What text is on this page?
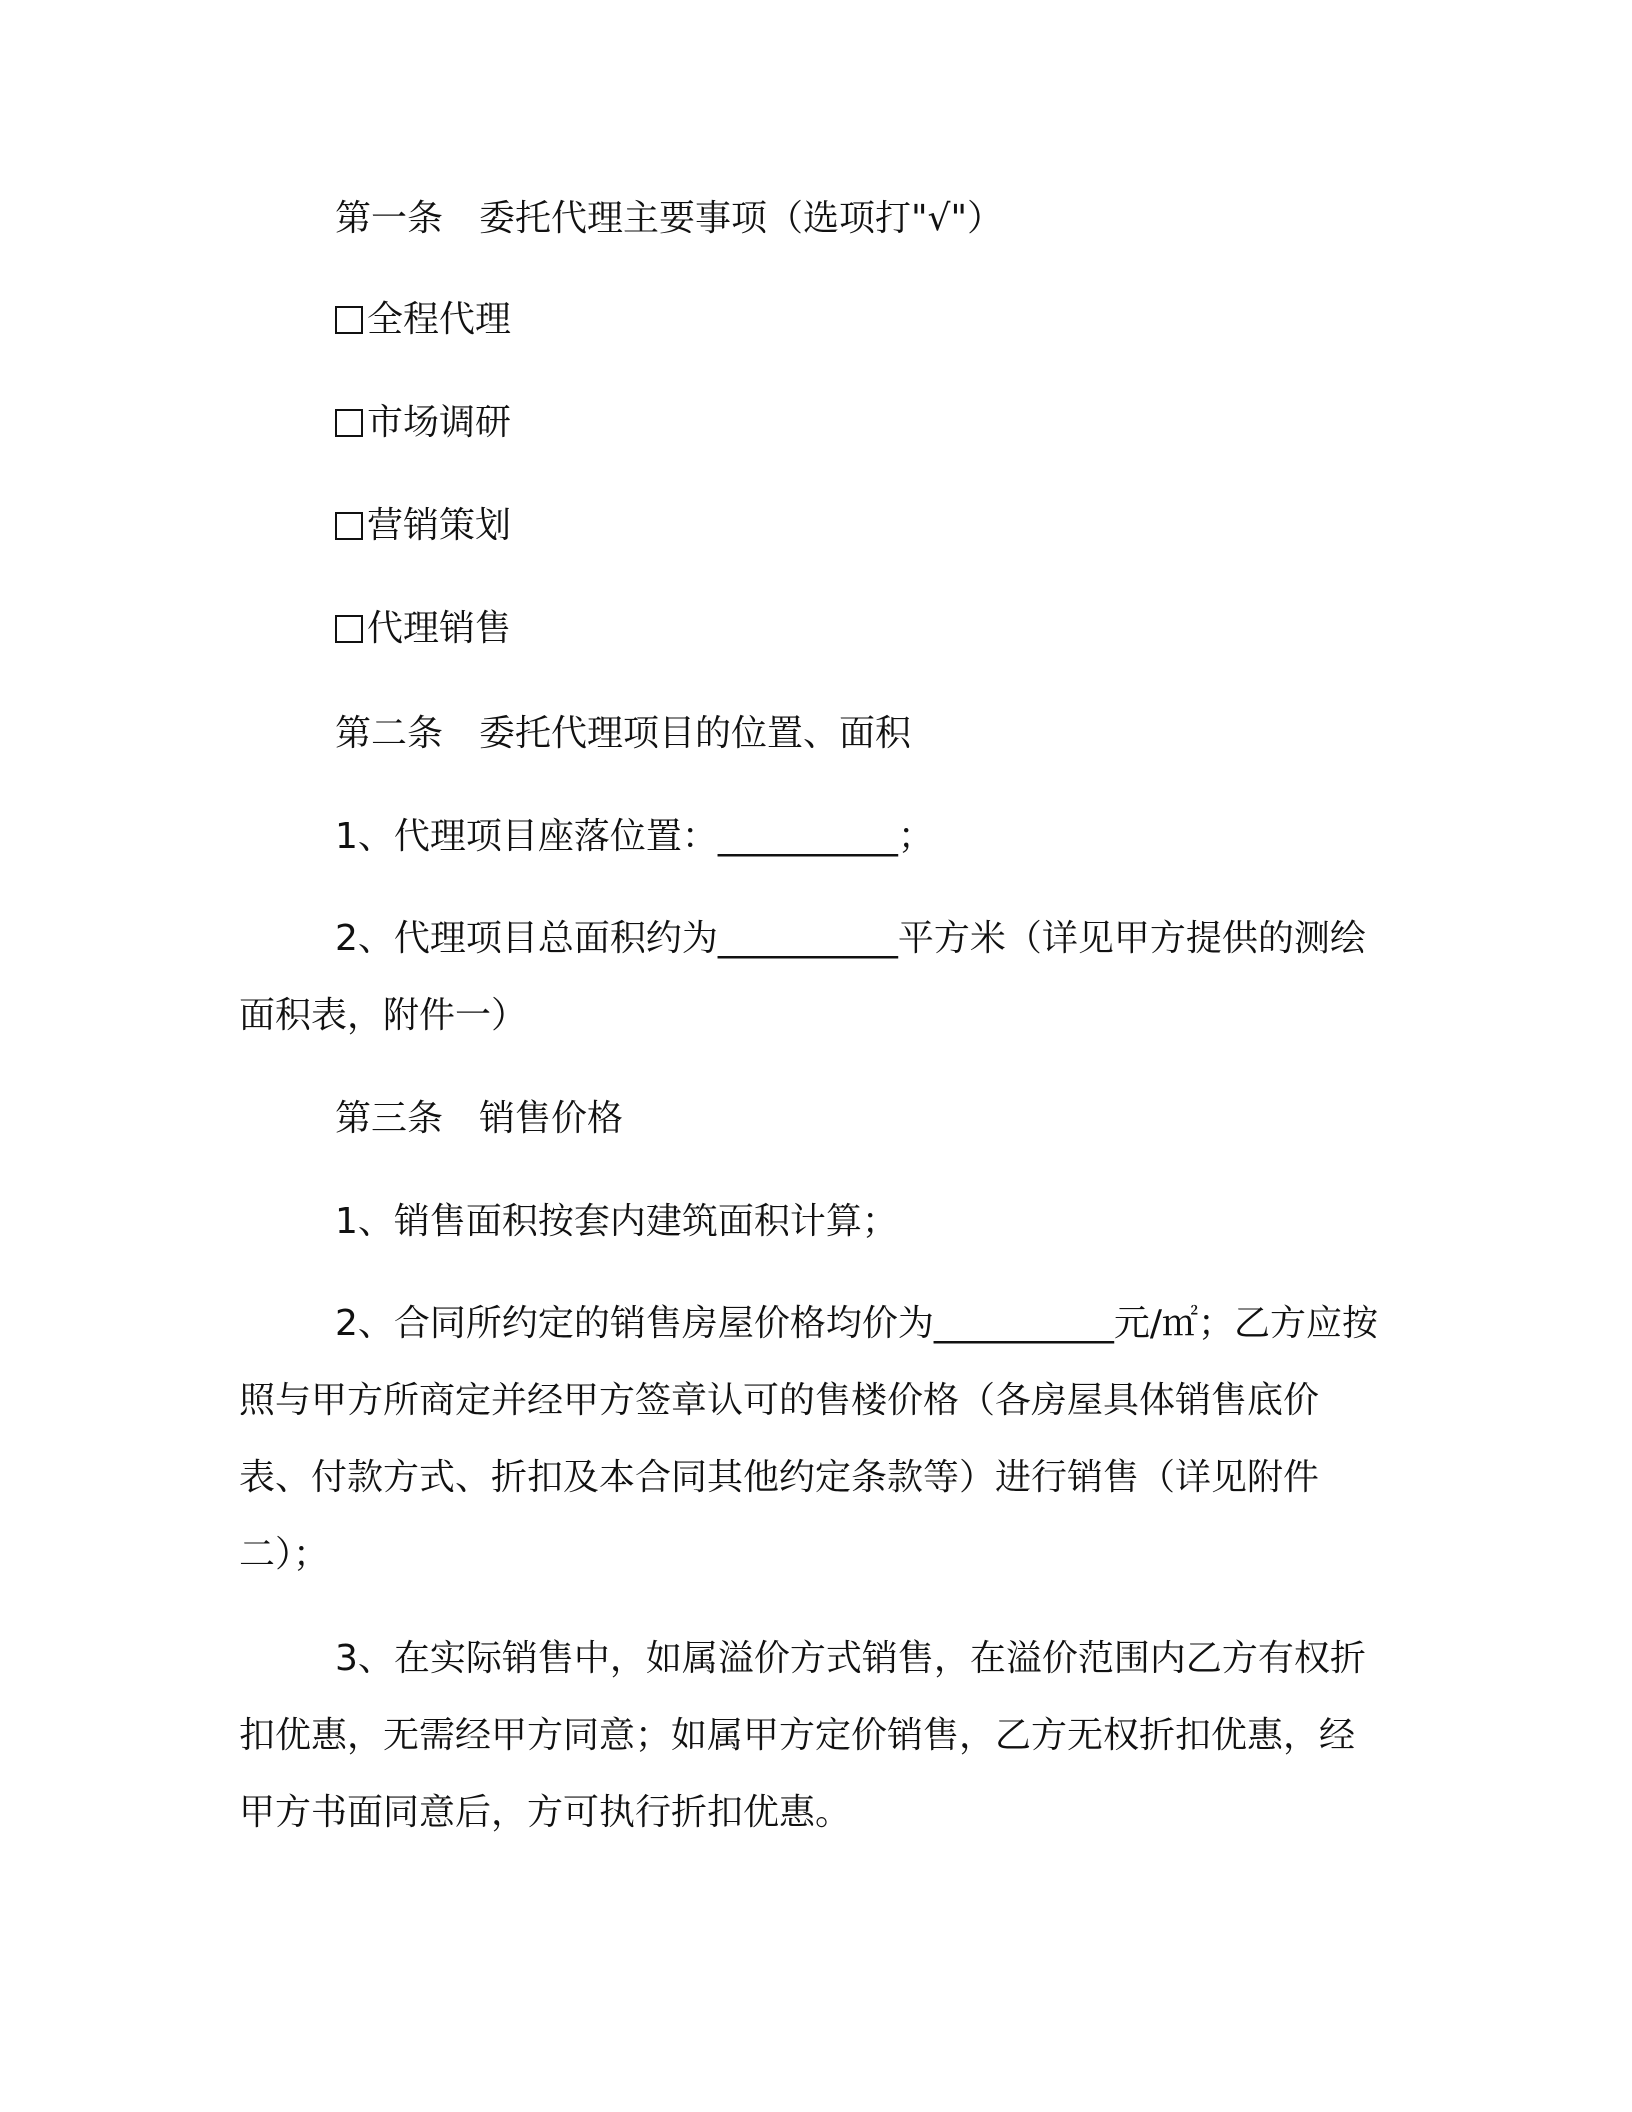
第一条　委托代理主要事项（选项打"√"）

全程代理
市场调研
营销策划
代理销售

第二条　委托代理项目的位置、面积

1、代理项目座落位置：__________；

2、代理项目总面积约为__________平方米（详见甲方提供的测绘面积表，附件一）

第三条　销售价格

1、销售面积按套内建筑面积计算；

2、合同所约定的销售房屋价格均价为__________元/㎡；乙方应按照与甲方所商定并经甲方签章认可的售楼价格（各房屋具体销售底价表、付款方式、折扣及本合同其他约定条款等）进行销售（详见附件二）；

3、在实际销售中，如属溢价方式销售，在溢价范围内乙方有权折扣优惠，无需经甲方同意；如属甲方定价销售，乙方无权折扣优惠，经甲方书面同意后，方可执行折扣优惠。
